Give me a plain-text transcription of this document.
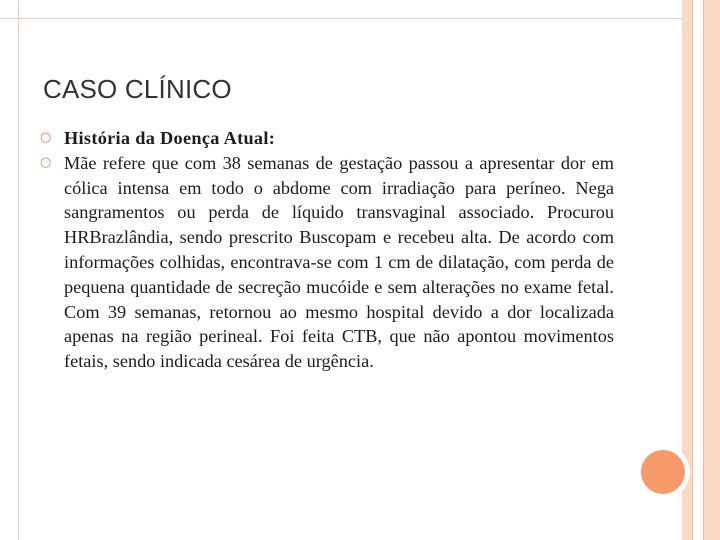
CASO CLÍNICO
○ História da Doença Atual:
○ Mãe refere que com 38 semanas de gestação passou a apresentar dor em cólica intensa em todo o abdome com irradiação para períneo. Nega sangramentos ou perda de líquido transvaginal associado. Procurou HRBrazlândia, sendo prescrito Buscopam e recebeu alta. De acordo com informações colhidas, encontrava-se com 1 cm de dilatação, com perda de pequena quantidade de secreção mucóide e sem alterações no exame fetal. Com 39 semanas, retornou ao mesmo hospital devido a dor localizada apenas na região perineal. Foi feita CTB, que não apontou movimentos fetais, sendo indicada cesárea de urgência.
